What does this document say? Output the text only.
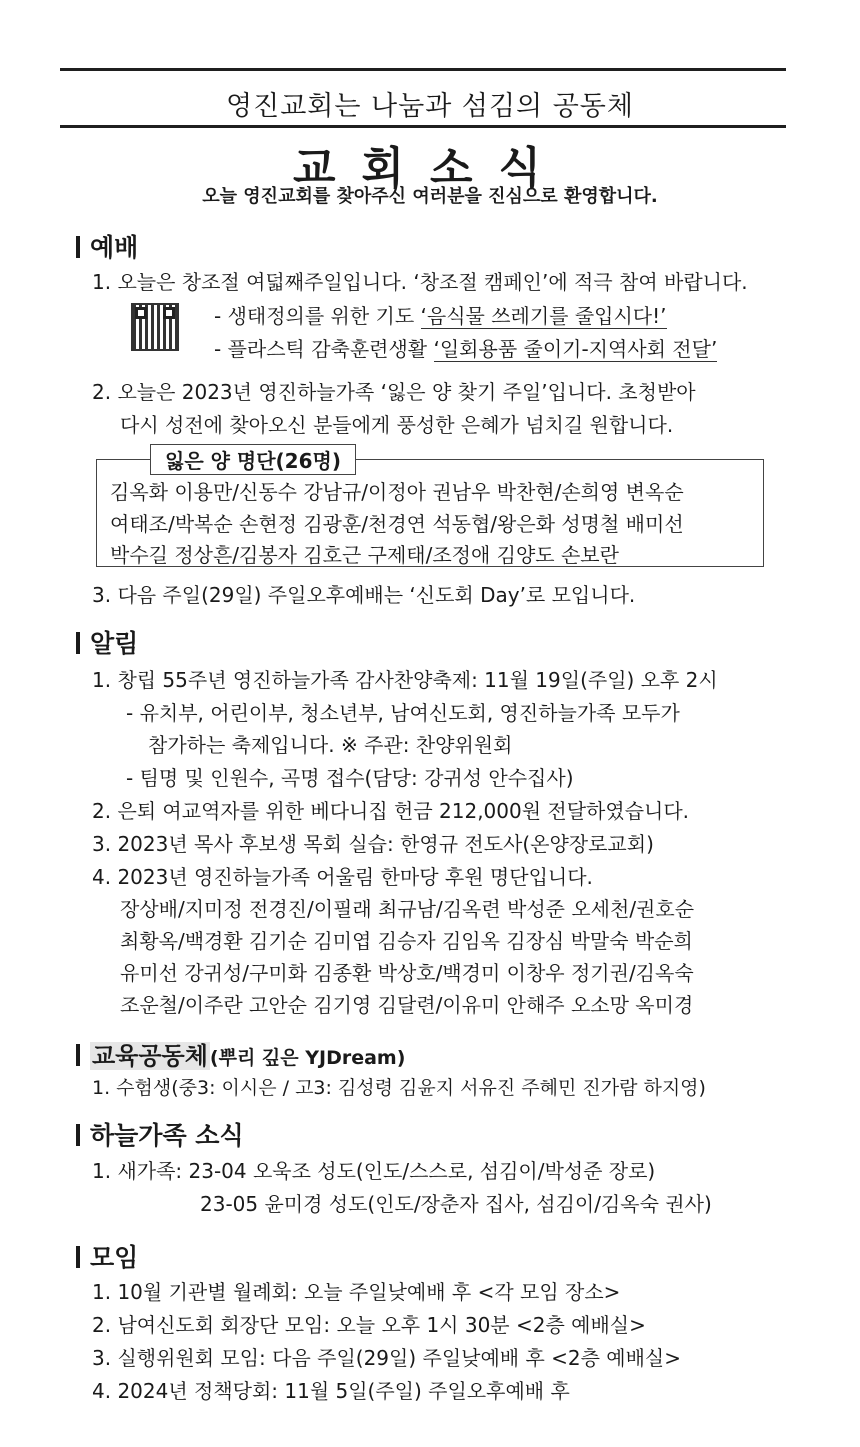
영진교회는 나눔과 섬김의 공동체
교회소식
오늘 영진교회를 찾아주신 여러분을 진심으로 환영합니다.
예배
1. 오늘은 창조절 여덟째주일입니다. ‘창조절 캠페인’에 적극 참여 바랍니다.
- 생태정의를 위한 기도 ‘음식물 쓰레기를 줄입시다!’
- 플라스틱 감축훈련생활 ‘일회용품 줄이기-지역사회 전달’
2. 오늘은 2023년 영진하늘가족 ‘잃은 양 찾기 주일’입니다. 초청받아
다시 성전에 찾아오신 분들에게 풍성한 은혜가 넘치길 원합니다.
잃은 양 명단(26명)
김옥화 이용만/신동수 강남규/이정아 권남우 박찬현/손희영 변옥순
여태조/박복순 손현정 김광훈/천경연 석동협/왕은화 성명철 배미선
박수길 정상흔/김봉자 김호근 구제태/조정애 김양도 손보란
3. 다음 주일(29일) 주일오후예배는 ‘신도회 Day’로 모입니다.
알림
1. 창립 55주년 영진하늘가족 감사찬양축제: 11월 19일(주일) 오후 2시
- 유치부, 어린이부, 청소년부, 남여신도회, 영진하늘가족 모두가
참가하는 축제입니다. ※ 주관: 찬양위원회
- 팀명 및 인원수, 곡명 접수(담당: 강귀성 안수집사)
2. 은퇴 여교역자를 위한 베다니집 헌금 212,000원 전달하였습니다.
3. 2023년 목사 후보생 목회 실습: 한영규 전도사(온양장로교회)
4. 2023년 영진하늘가족 어울림 한마당 후원 명단입니다.
장상배/지미정 전경진/이필래 최규남/김옥련 박성준 오세천/권호순
최황옥/백경환 김기순 김미엽 김승자 김임옥 김장심 박말숙 박순희
유미선 강귀성/구미화 김종환 박상호/백경미 이창우 정기권/김옥숙
조운철/이주란 고안순 김기영 김달련/이유미 안해주 오소망 옥미경
교육공동체 (뿌리 깊은 YJDream)
1. 수험생(중3: 이시은 / 고3: 김성령 김윤지 서유진 주혜민 진가람 하지영)
하늘가족 소식
1. 새가족: 23-04 오욱조 성도(인도/스스로, 섬김이/박성준 장로)
23-05 윤미경 성도(인도/장춘자 집사, 섬김이/김옥숙 권사)
모임
1. 10월 기관별 월례회: 오늘 주일낮예배 후 <각 모임 장소>
2. 남여신도회 회장단 모임: 오늘 오후 1시 30분 <2층 예배실>
3. 실행위원회 모임: 다음 주일(29일) 주일낮예배 후 <2층 예배실>
4. 2024년 정책당회: 11월 5일(주일) 주일오후예배 후
